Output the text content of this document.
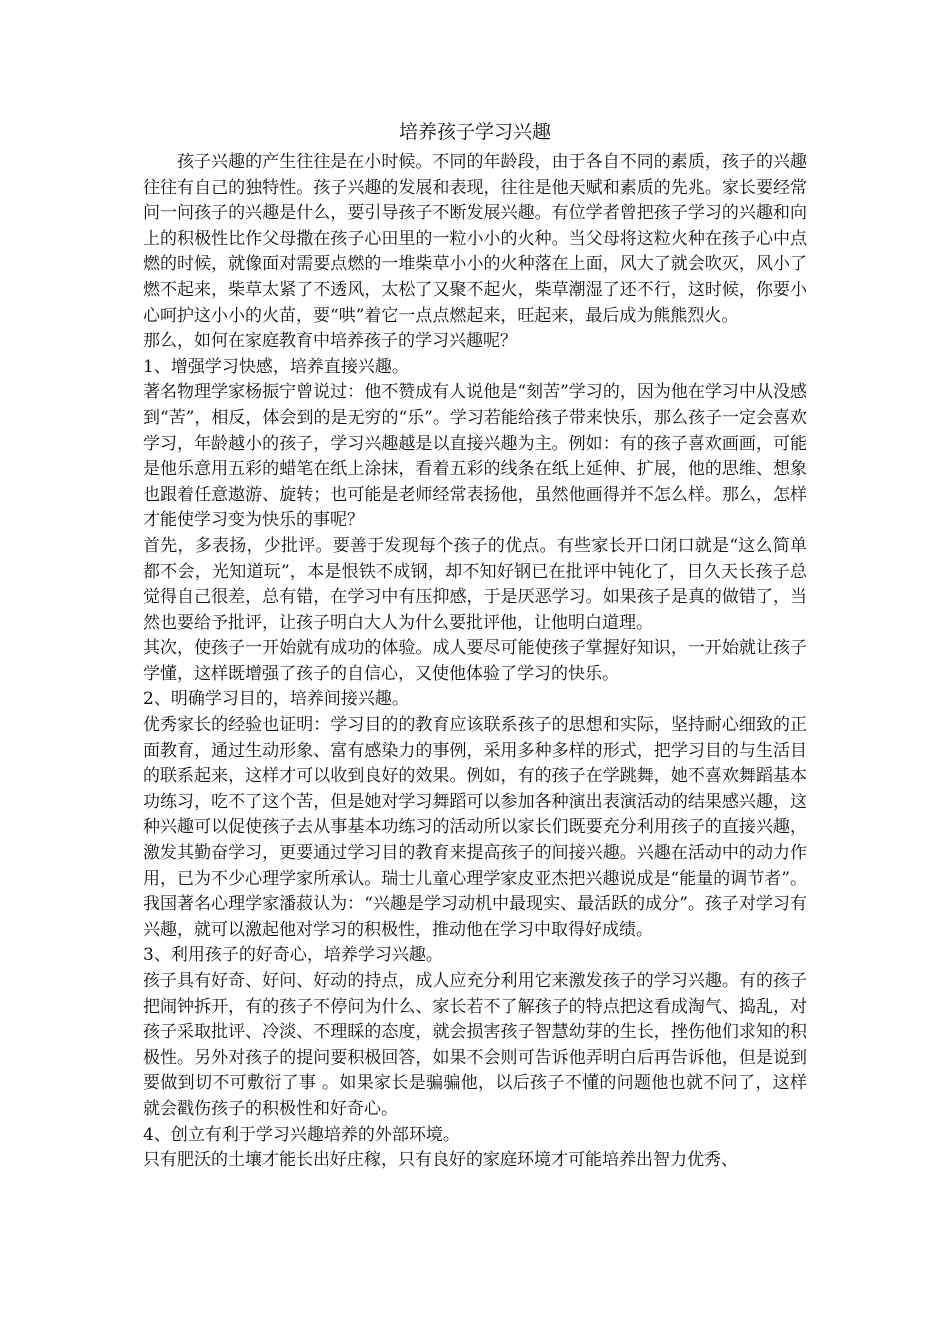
培养孩子学习兴趣

孩子兴趣的产生往往是在小时候。不同的年龄段，由于各自不同的素质，孩子的兴趣往往有自己的独特性。孩子兴趣的发展和表现，往往是他天赋和素质的先兆。家长要经常问一问孩子的兴趣是什么，要引导孩子不断发展兴趣。有位学者曾把孩子学习的兴趣和向上的积极性比作父母撒在孩子心田里的一粒小小的火种。当父母将这粒火种在孩子心中点燃的时候，就像面对需要点燃的一堆柴草小小的火种落在上面，风大了就会吹灭，风小了燃不起来，柴草太紧了不透风，太松了又聚不起火，柴草潮湿了还不行，这时候，你要小心呵护这小小的火苗，要“哄”着它一点点燃起来，旺起来，最后成为熊熊烈火。

那么，如何在家庭教育中培养孩子的学习兴趣呢？

1、增强学习快感，培养直接兴趣。

著名物理学家杨振宁曾说过：他不赞成有人说他是“刻苦”学习的，因为他在学习中从没感到“苦”，相反，体会到的是无穷的“乐”。学习若能给孩子带来快乐，那么孩子一定会喜欢学习，年龄越小的孩子，学习兴趣越是以直接兴趣为主。例如：有的孩子喜欢画画，可能是他乐意用五彩的蜡笔在纸上涂抹，看着五彩的线条在纸上延伸、扩展，他的思维、想象也跟着任意遨游、旋转；也可能是老师经常表扬他，虽然他画得并不怎么样。那么，怎样才能使学习变为快乐的事呢？

首先，多表扬，少批评。要善于发现每个孩子的优点。有些家长开口闭口就是“这么简单都不会，光知道玩”，本是恨铁不成钢，却不知好钢已在批评中钝化了，日久天长孩子总觉得自己很差，总有错，在学习中有压抑感，于是厌恶学习。如果孩子是真的做错了，当然也要给予批评，让孩子明白大人为什么要批评他，让他明白道理。

其次，使孩子一开始就有成功的体验。成人要尽可能使孩子掌握好知识，一开始就让孩子学懂，这样既增强了孩子的自信心，又使他体验了学习的快乐。

2、明确学习目的，培养间接兴趣。

优秀家长的经验也证明：学习目的的教育应该联系孩子的思想和实际，坚持耐心细致的正面教育，通过生动形象、富有感染力的事例，采用多种多样的形式，把学习目的与生活目的联系起来，这样才可以收到良好的效果。例如，有的孩子在学跳舞，她不喜欢舞蹈基本功练习，吃不了这个苦，但是她对学习舞蹈可以参加各种演出表演活动的结果感兴趣，这种兴趣可以促使孩子去从事基本功练习的活动所以家长们既要充分利用孩子的直接兴趣，激发其勤奋学习，更要通过学习目的教育来提高孩子的间接兴趣。兴趣在活动中的动力作用，已为不少心理学家所承认。瑞士儿童心理学家皮亚杰把兴趣说成是“能量的调节者”。我国著名心理学家潘菽认为：“兴趣是学习动机中最现实、最活跃的成分”。孩子对学习有兴趣，就可以激起他对学习的积极性，推动他在学习中取得好成绩。

3、利用孩子的好奇心，培养学习兴趣。

孩子具有好奇、好问、好动的持点，成人应充分利用它来激发孩子的学习兴趣。有的孩子把闹钟拆开，有的孩子不停问为什么、家长若不了解孩子的特点把这看成淘气、捣乱，对孩子采取批评、冷淡、不理睬的态度，就会损害孩子智慧幼芽的生长，挫伤他们求知的积极性。另外对孩子的提问要积极回答，如果不会则可告诉他弄明白后再告诉他，但是说到要做到切不可敷衍了事 。如果家长是骗骗他，以后孩子不懂的问题他也就不问了，这样就会戳伤孩子的积极性和好奇心。

4、创立有利于学习兴趣培养的外部环境。

只有肥沃的土壤才能长出好庄稼，只有良好的家庭环境才可能培养出智力优秀、
